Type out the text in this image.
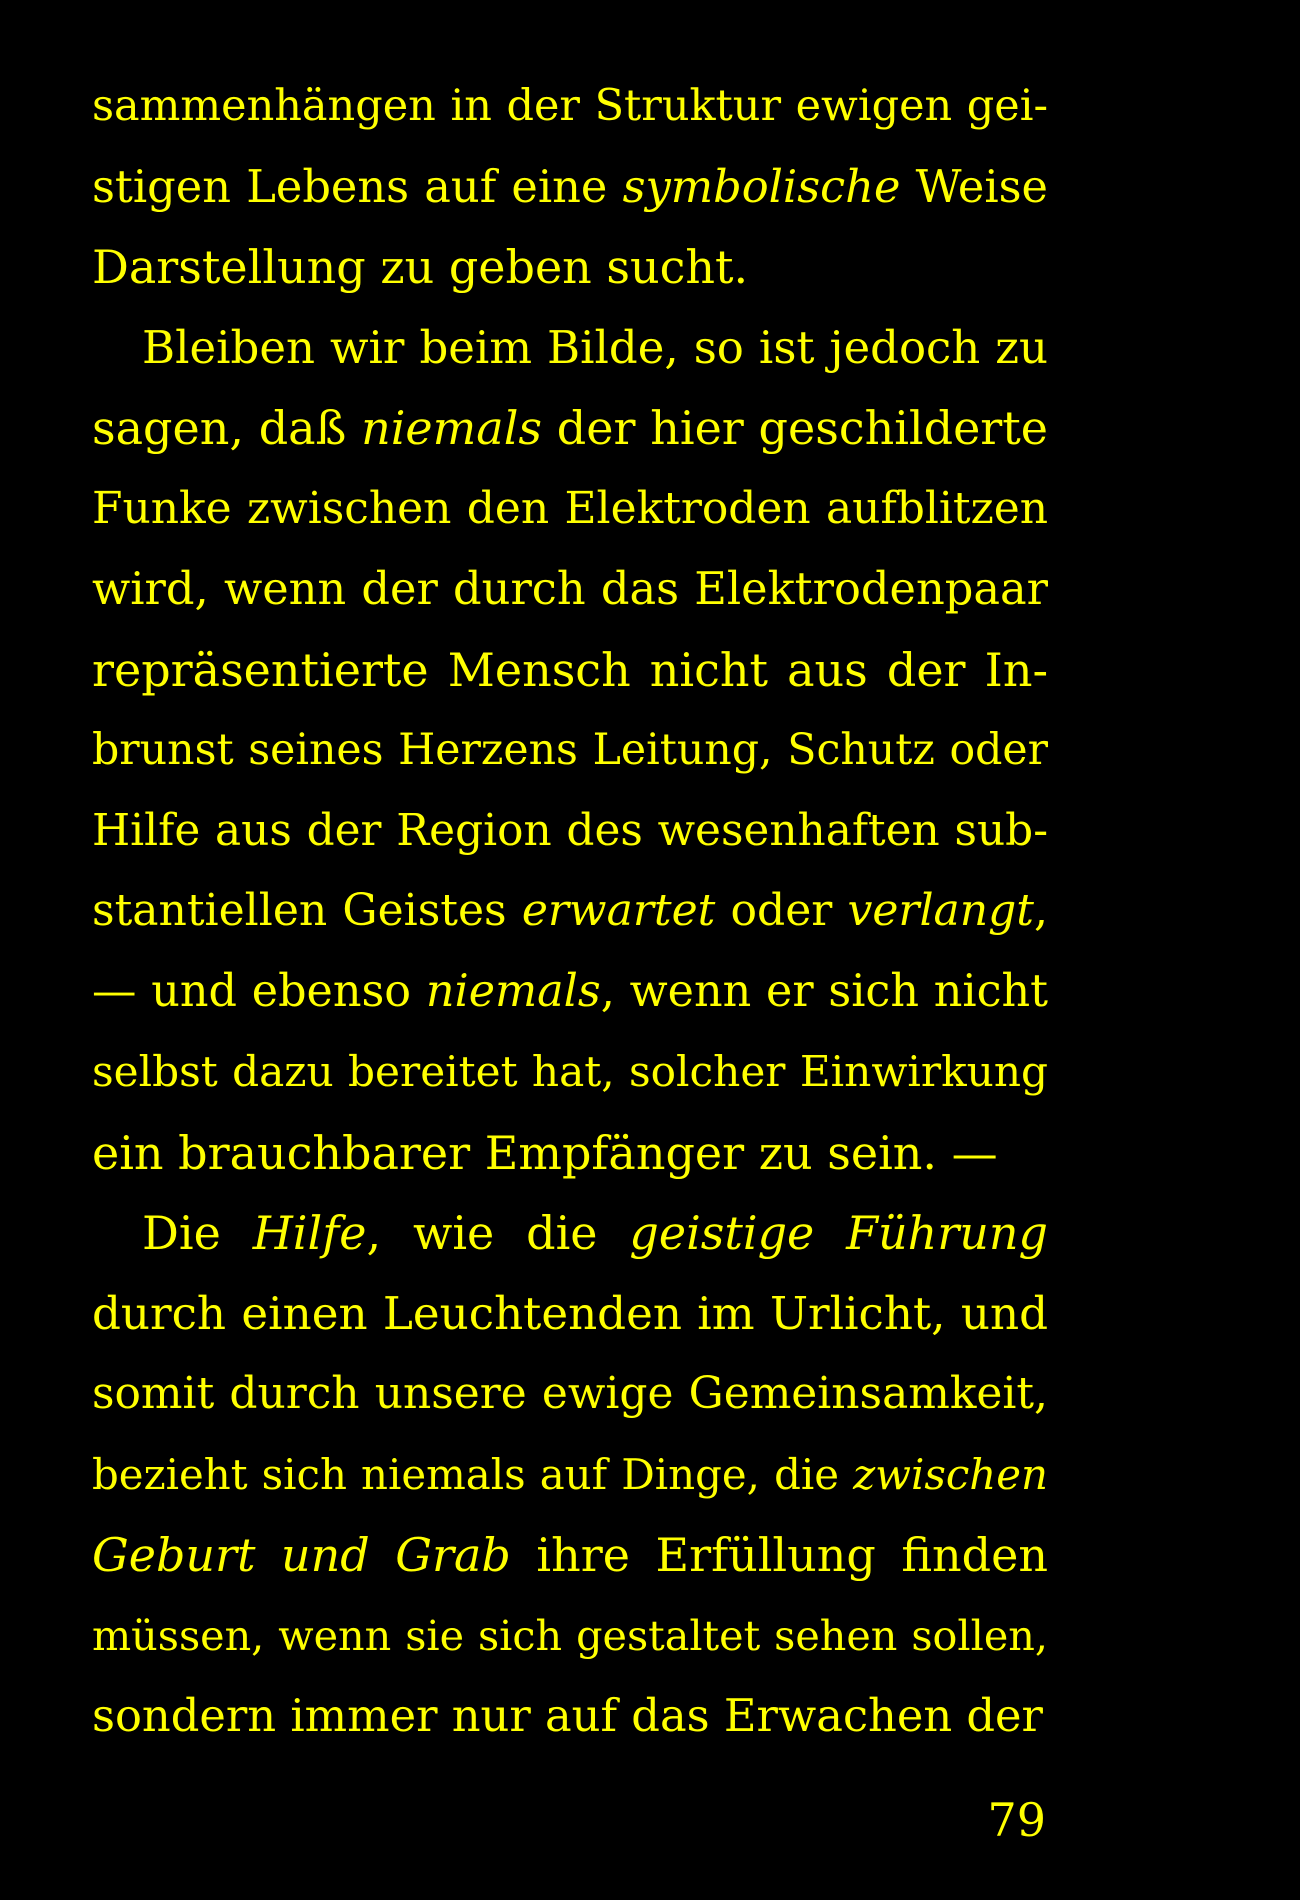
sammenhängen in der Struktur ewigen gei-
stigen Lebens auf eine symbolische Weise
Darstellung zu geben sucht.
Bleiben wir beim Bilde, so ist jedoch zu
sagen, daß niemals der hier geschilderte
Funke zwischen den Elektroden aufblitzen
wird, wenn der durch das Elektrodenpaar
repräsentierte Mensch nicht aus der In-
brunst seines Herzens Leitung, Schutz oder
Hilfe aus der Region des wesenhaften sub-
stantiellen Geistes erwartet oder verlangt,
— und ebenso niemals, wenn er sich nicht
selbst dazu bereitet hat, solcher Einwirkung
ein brauchbarer Empfänger zu sein. —
Die Hilfe, wie die geistige Führung
durch einen Leuchtenden im Urlicht, und
somit durch unsere ewige Gemeinsamkeit,
bezieht sich niemals auf Dinge, die zwischen
Geburt und Grab ihre Erfüllung finden
müssen, wenn sie sich gestaltet sehen sollen,
sondern immer nur auf das Erwachen der
79
